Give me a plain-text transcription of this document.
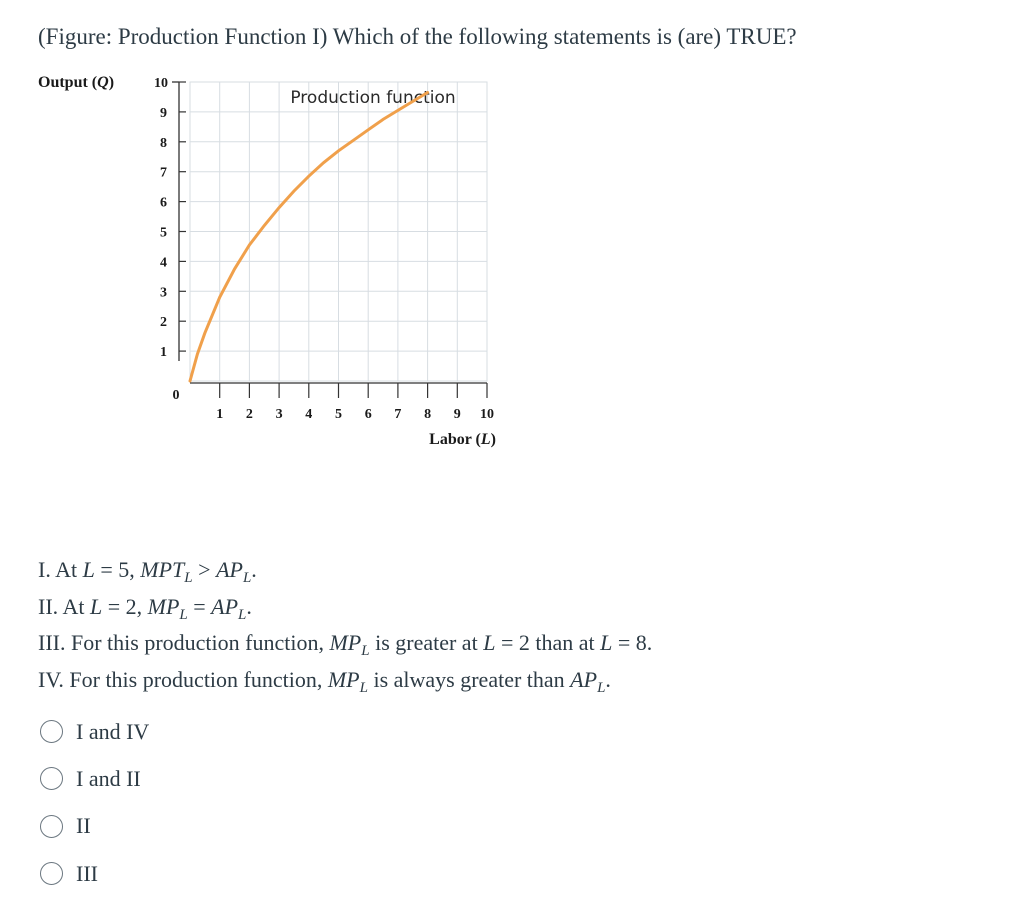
(Figure: Production Function I) Which of the following statements is (are) TRUE?
10
9
8
7
6
5
4
3
2
1
1 2 3 4 5 6 7 8 9 10
0
Output (Q)
Labor (L)
Production function
I. At L = 5, $MPT_L > AP_L$.
II. At L = 2, $MP_L = AP_L$.
III. For this production function, $MP_L$ is greater at L = 2 than at L = 8.
IV. For this production function, $MP_L$ is always greater than $AP_L$.
I and IV
I and II
II
III
